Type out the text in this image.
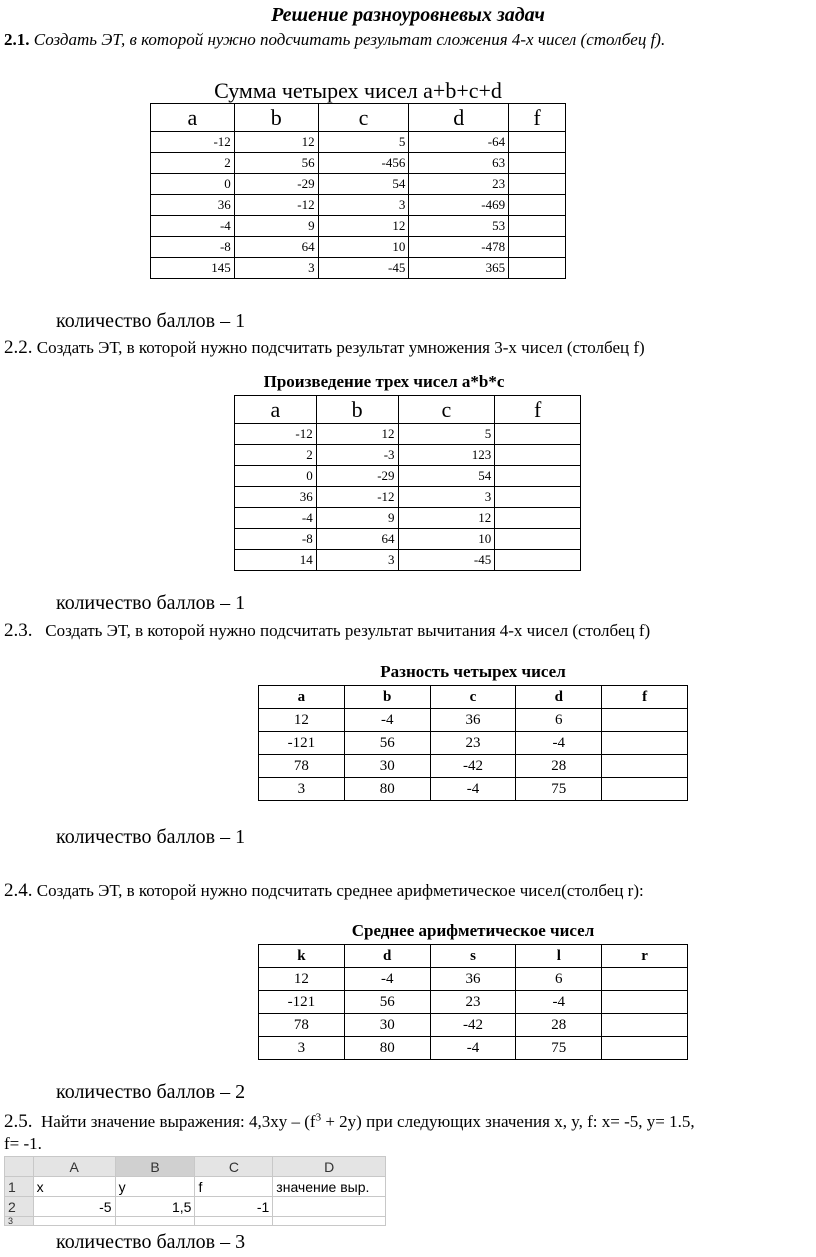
Решение разноуровневых задач
2.1. Создать ЭТ, в которой нужно подсчитать результат сложения 4-х чисел (столбец f).
Сумма четырех чисел a+b+c+d
a	b	c	d	f
-12	12	5	-64	
2	56	-456	63	
0	-29	54	23	
36	-12	3	-469	
-4	9	12	53	
-8	64	10	-478	
145	3	-45	365	
количество баллов – 1
2.2. Создать ЭТ, в которой нужно подсчитать результат умножения 3-х чисел (столбец f)
Произведение трех чисел a*b*c
a	b	c	f
-12	12	5	
2	-3	123	
0	-29	54	
36	-12	3	
-4	9	12	
-8	64	10	
14	3	-45	
количество баллов – 1
2.3. Создать ЭТ, в которой нужно подсчитать результат вычитания 4-х чисел (столбец f)
Разность четырех чисел
a	b	c	d	f
12	-4	36	6	
-121	56	23	-4	
78	30	-42	28	
3	80	-4	75	
количество баллов – 1
2.4. Создать ЭТ, в которой нужно подсчитать среднее арифметическое чисел(столбец r):
Среднее арифметическое чисел
k	d	s	l	r
12	-4	36	6	
-121	56	23	-4	
78	30	-42	28	
3	80	-4	75	
количество баллов – 2
2.5. Найти значение выражения: $4,3xy - (f^3 + 2y)$ при следующих значения x, y, f: x= -5, y= 1.5,
f= -1.
	A	B	C	D
1	x	y	f	значение выр.
2	-5	1,5	-1	
3				
количество баллов – 3
